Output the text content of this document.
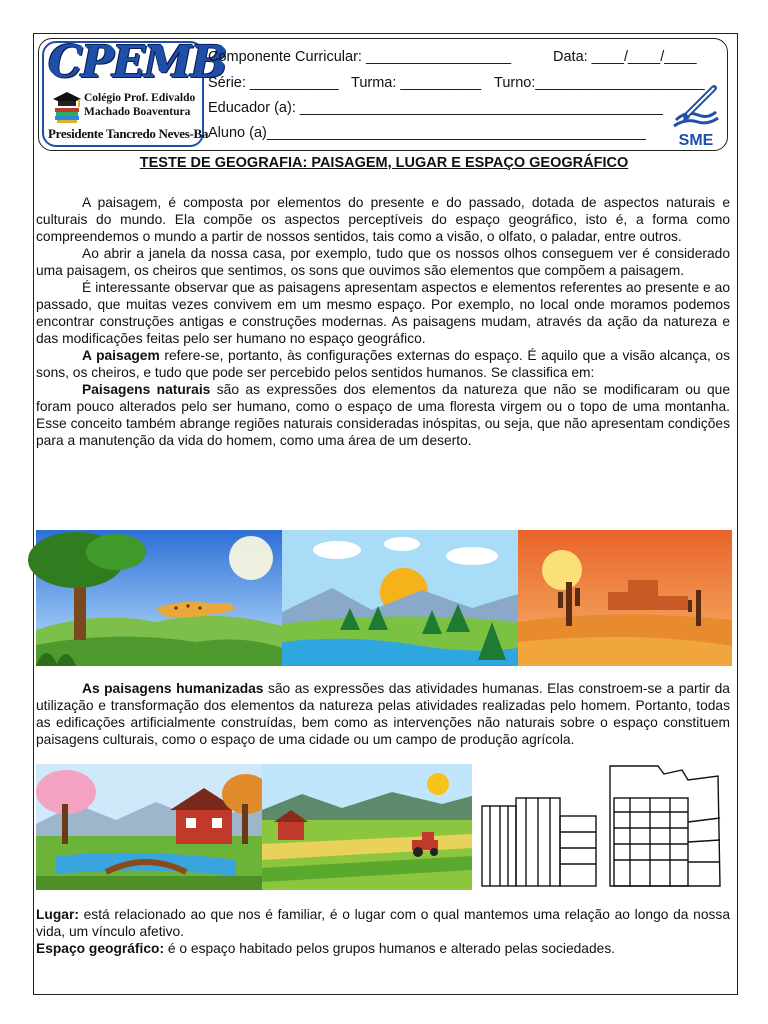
CPEMB
Colégio Prof. Edivaldo
Machado Boaventura
Presidente Tancredo Neves-Ba
Componente Curricular: __________________	Data: ____/____/____
Série: ___________ Turma: __________ Turno:_____________________
Educador (a): _____________________________________________
Aluno (a)_______________________________________________ SME
TESTE DE GEOGRAFIA: PAISAGEM, LUGAR E ESPAÇO GEOGRÁFICO

A paisagem, é composta por elementos do presente e do passado, dotada de aspectos naturais e culturais do mundo. Ela compõe os aspectos perceptíveis do espaço geográfico, isto é, a forma como compreendemos o mundo a partir de nossos sentidos, tais como a visão, o olfato, o paladar, entre outros.

Ao abrir a janela da nossa casa, por exemplo, tudo que os nossos olhos conseguem ver é considerado uma paisagem, os cheiros que sentimos, os sons que ouvimos são elementos que compõem a paisagem.

É interessante observar que as paisagens apresentam aspectos e elementos referentes ao presente e ao passado, que muitas vezes convivem em um mesmo espaço. Por exemplo, no local onde moramos podemos encontrar construções antigas e construções modernas. As paisagens mudam, através da ação da natureza e das modificações feitas pelo ser humano no espaço geográfico.

A paisagem refere-se, portanto, às configurações externas do espaço. É aquilo que a visão alcança, os sons, os cheiros, e tudo que pode ser percebido pelos sentidos humanos. Se classifica em:

Paisagens naturais são as expressões dos elementos da natureza que não se modificaram ou que foram pouco alterados pelo ser humano, como o espaço de uma floresta virgem ou o topo de uma montanha. Esse conceito também abrange regiões naturais consideradas inóspitas, ou seja, que não apresentam condições para a manutenção da vida do homem, como uma área de um deserto.

As paisagens humanizadas são as expressões das atividades humanas. Elas constroem-se a partir da utilização e transformação dos elementos da natureza pelas atividades realizadas pelo homem. Portanto, todas as edificações artificialmente construídas, bem como as intervenções não naturais sobre o espaço constituem paisagens culturais, como o espaço de uma cidade ou um campo de produção agrícola.

Lugar: está relacionado ao que nos é familiar, é o lugar com o qual mantemos uma relação ao longo da nossa vida, um vínculo afetivo.

Espaço geográfico: é o espaço habitado pelos grupos humanos e alterado pelas sociedades.
